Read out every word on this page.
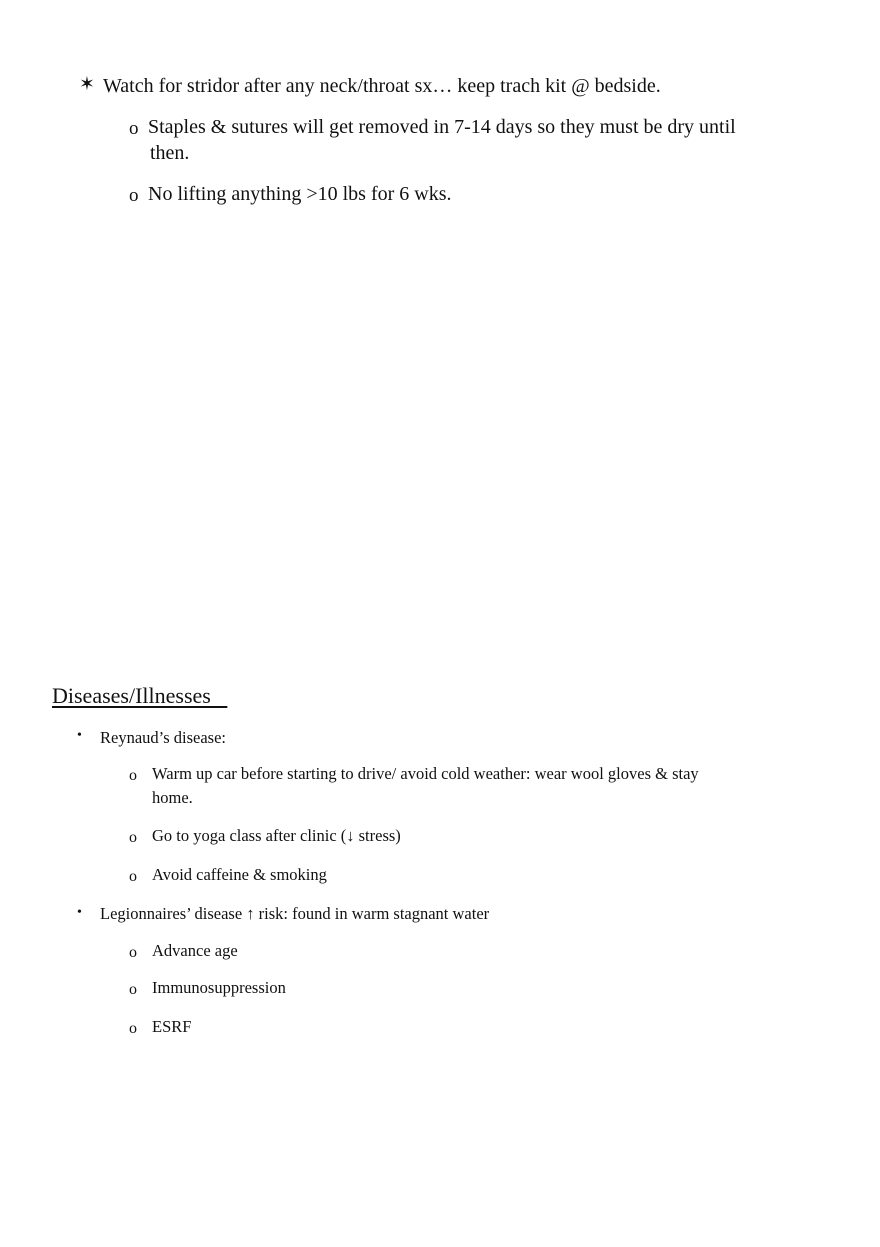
✶ Watch for stridor after any neck/throat sx… keep trach kit @ bedside.
o Staples & sutures will get removed in 7-14 days so they must be dry until
then.
o No lifting anything >10 lbs for 6 wks.
Diseases/Illnesses
• Reynaud’s disease:
o Warm up car before starting to drive/ avoid cold weather: wear wool gloves & stay
home.
o Go to yoga class after clinic (↓ stress)
o Avoid caffeine & smoking
• Legionnaires’ disease ↑ risk: found in warm stagnant water
o Advance age
o Immunosuppression
o ESRF
